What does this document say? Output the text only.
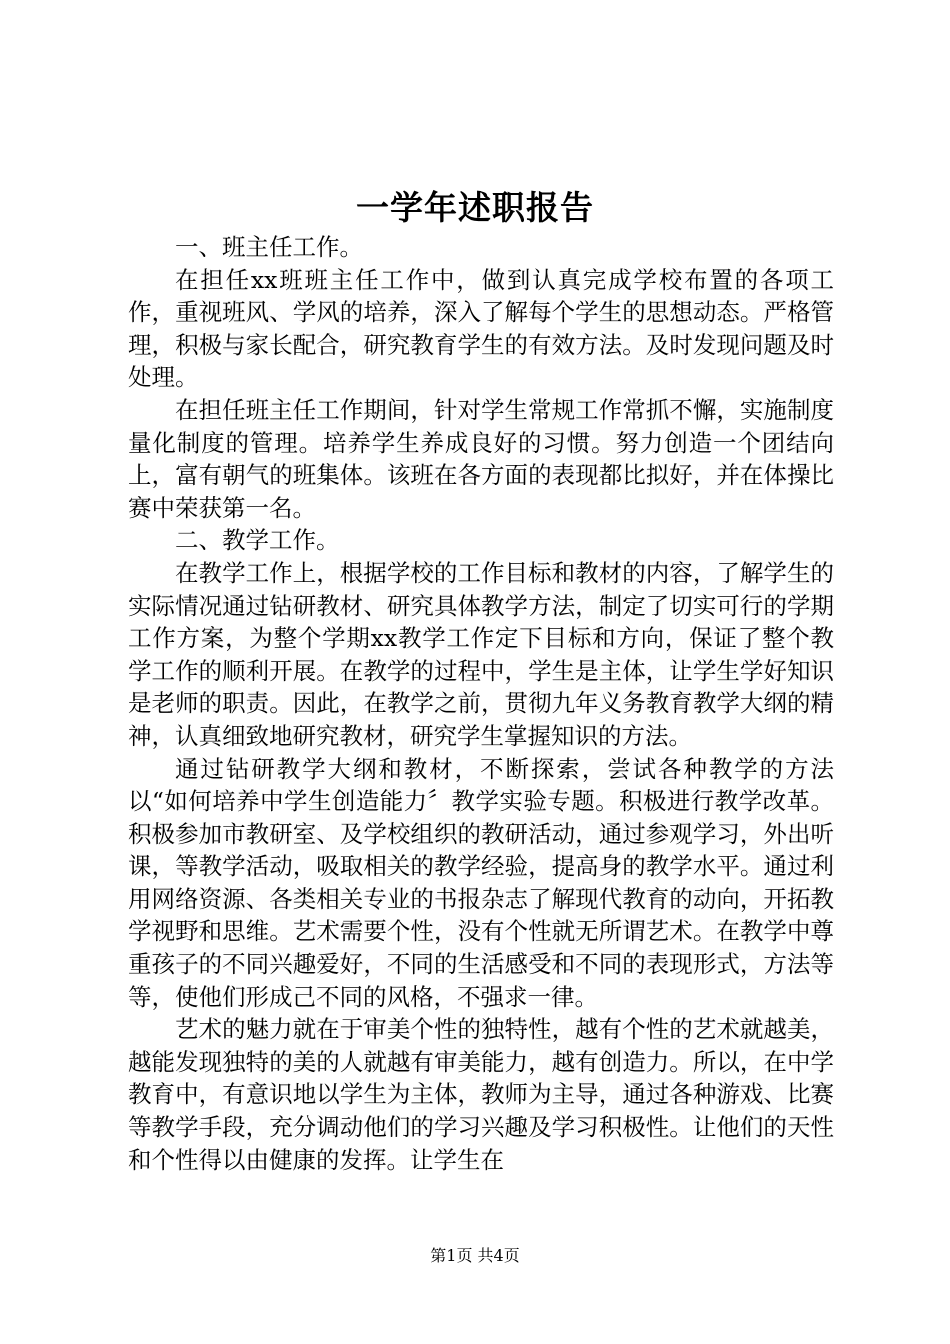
一学年述职报告

一、班主任工作。

在担任xx班班主任工作中，做到认真完成学校布置的各项工作，重视班风、学风的培养，深入了解每个学生的思想动态。严格管理，积极与家长配合，研究教育学生的有效方法。及时发现问题及时处理。

在担任班主任工作期间，针对学生常规工作常抓不懈，实施制度量化制度的管理。培养学生养成良好的习惯。努力创造一个团结向上，富有朝气的班集体。该班在各方面的表现都比拟好，并在体操比赛中荣获第一名。

二、教学工作。

在教学工作上，根据学校的工作目标和教材的内容，了解学生的实际情况通过钻研教材、研究具体教学方法，制定了切实可行的学期工作方案，为整个学期xx教学工作定下目标和方向，保证了整个教学工作的顺利开展。在教学的过程中，学生是主体，让学生学好知识是老师的职责。因此，在教学之前，贯彻九年义务教育教学大纲的精神，认真细致地研究教材，研究学生掌握知识的方法。

通过钻研教学大纲和教材，不断探索，尝试各种教学的方法以“如何培养中学生创造能力〞教学实验专题。积极进行教学改革。积极参加市教研室、及学校组织的教研活动，通过参观学习，外出听课，等教学活动，吸取相关的教学经验，提高身的教学水平。通过利用网络资源、各类相关专业的书报杂志了解现代教育的动向，开拓教学视野和思维。艺术需要个性，没有个性就无所谓艺术。在教学中尊重孩子的不同兴趣爱好，不同的生活感受和不同的表现形式，方法等等，使他们形成己不同的风格，不强求一律。

艺术的魅力就在于审美个性的独特性，越有个性的艺术就越美，越能发现独特的美的人就越有审美能力，越有创造力。所以，在中学教育中，有意识地以学生为主体，教师为主导，通过各种游戏、比赛等教学手段，充分调动他们的学习兴趣及学习积极性。让他们的天性和个性得以由健康的发挥。让学生在

第1页 共4页
